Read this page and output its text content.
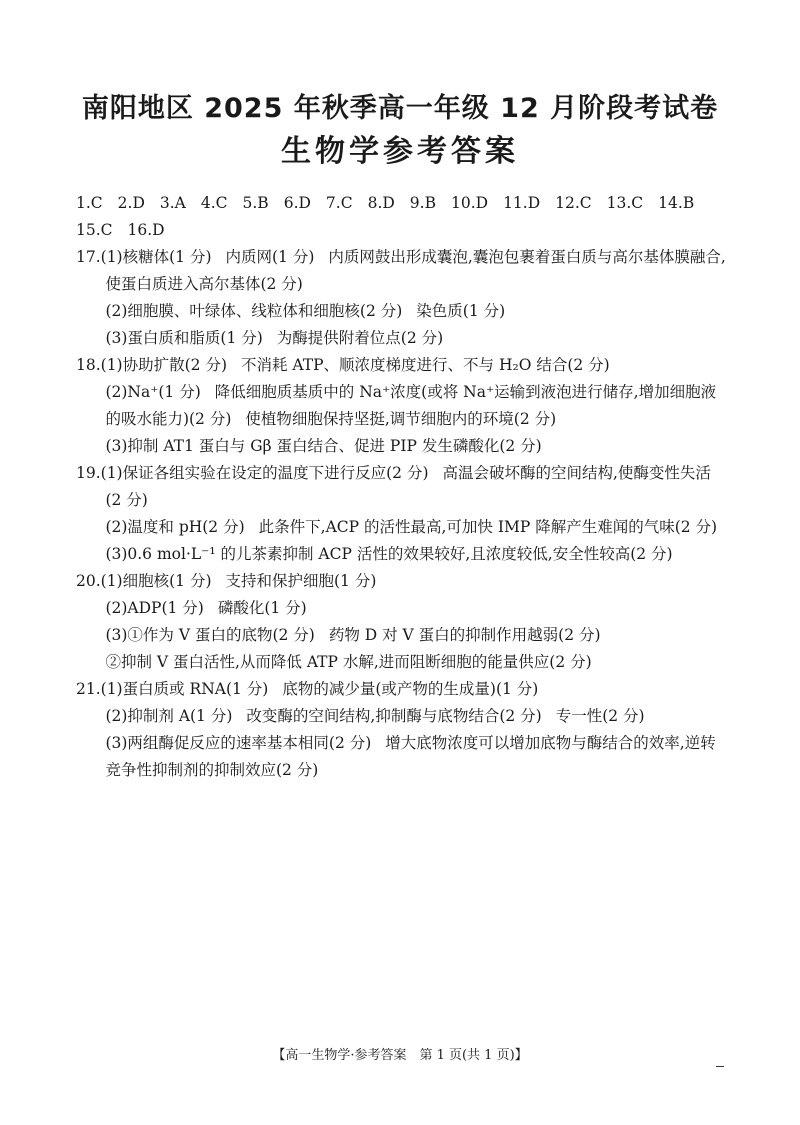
南阳地区 2025 年秋季高一年级 12 月阶段考试卷
生物学参考答案
1.C 2.D 3.A 4.C 5.B 6.D 7.C 8.D 9.B 10.D 11.D 12.C 13.C 14.B
15.C 16.D
17.(1)核糖体(1 分) 内质网(1 分) 内质网鼓出形成囊泡,囊泡包裹着蛋白质与高尔基体膜融合,使蛋白质进入高尔基体(2 分)
(2)细胞膜、叶绿体、线粒体和细胞核(2 分) 染色质(1 分)
(3)蛋白质和脂质(1 分) 为酶提供附着位点(2 分)
18.(1)协助扩散(2 分) 不消耗 ATP、顺浓度梯度进行、不与 H₂O 结合(2 分)
(2)Na⁺(1 分) 降低细胞质基质中的 Na⁺浓度(或将 Na⁺运输到液泡进行储存,增加细胞液的吸水能力)(2 分) 使植物细胞保持坚挺,调节细胞内的环境(2 分)
(3)抑制 AT1 蛋白与 Gβ 蛋白结合、促进 PIP 发生磷酸化(2 分)
19.(1)保证各组实验在设定的温度下进行反应(2 分) 高温会破坏酶的空间结构,使酶变性失活(2 分)
(2)温度和 pH(2 分) 此条件下,ACP 的活性最高,可加快 IMP 降解产生难闻的气味(2 分)
(3)0.6 mol·L⁻¹ 的儿茶素抑制 ACP 活性的效果较好,且浓度较低,安全性较高(2 分)
20.(1)细胞核(1 分) 支持和保护细胞(1 分)
(2)ADP(1 分) 磷酸化(1 分)
(3)①作为 V 蛋白的底物(2 分) 药物 D 对 V 蛋白的抑制作用越弱(2 分)
②抑制 V 蛋白活性,从而降低 ATP 水解,进而阻断细胞的能量供应(2 分)
21.(1)蛋白质或 RNA(1 分) 底物的减少量(或产物的生成量)(1 分)
(2)抑制剂 A(1 分) 改变酶的空间结构,抑制酶与底物结合(2 分) 专一性(2 分)
(3)两组酶促反应的速率基本相同(2 分) 增大底物浓度可以增加底物与酶结合的效率,逆转竞争性抑制剂的抑制效应(2 分)
【高一生物学·参考答案　第 1 页(共 1 页)】
